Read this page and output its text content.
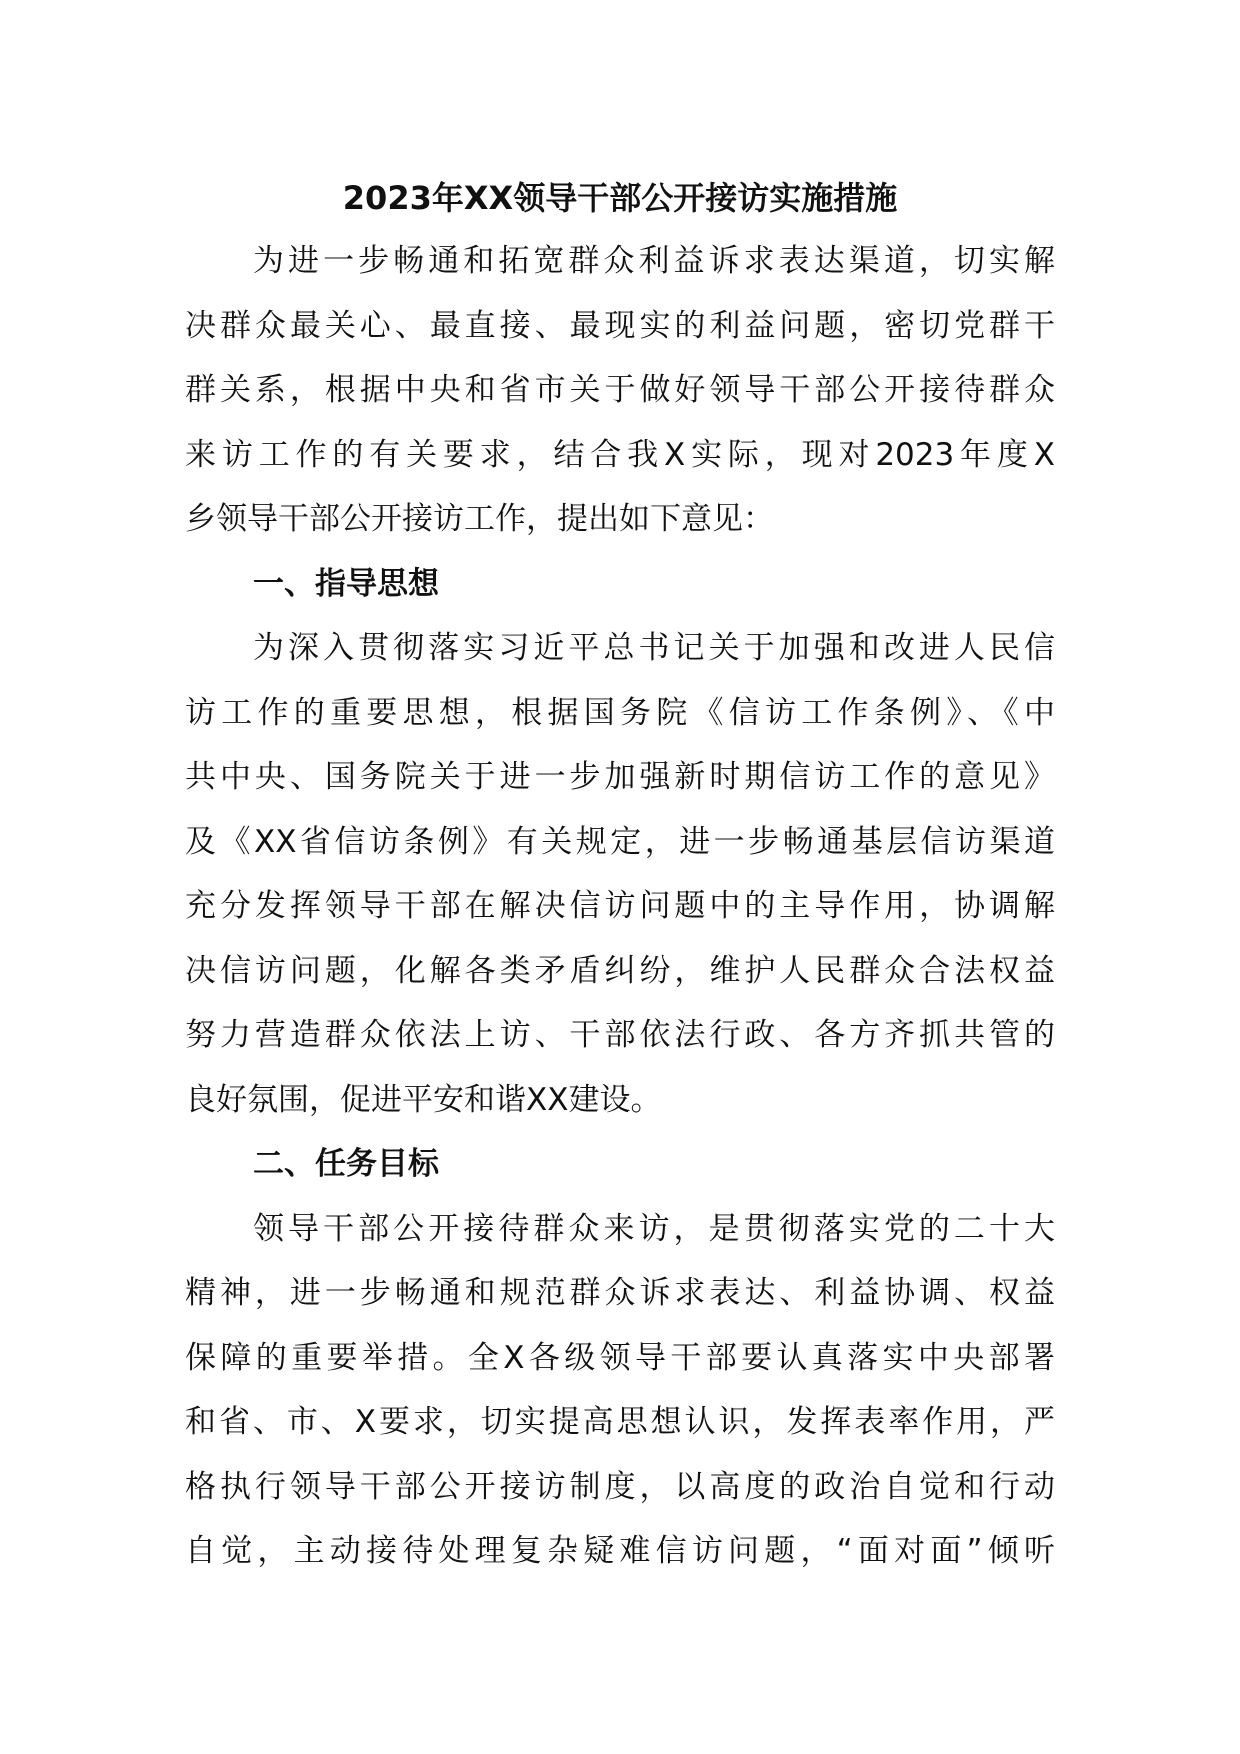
2023年XX领导干部公开接访实施措施
为进一步畅通和拓宽群众利益诉求表达渠道，切实解
决群众最关心、最直接、最现实的利益问题，密切党群干
群关系，根据中央和省市关于做好领导干部公开接待群众
来访工作的有关要求，结合我X实际，现对2023年度X
乡领导干部公开接访工作，提出如下意见：
一、指导思想
为深入贯彻落实习近平总书记关于加强和改进人民信
访工作的重要思想，根据国务院《信访工作条例》、《中
共中央、国务院关于进一步加强新时期信访工作的意见》
及《XX省信访条例》有关规定，进一步畅通基层信访渠道
充分发挥领导干部在解决信访问题中的主导作用，协调解
决信访问题，化解各类矛盾纠纷，维护人民群众合法权益
努力营造群众依法上访、干部依法行政、各方齐抓共管的
良好氛围，促进平安和谐XX建设。
二、任务目标
领导干部公开接待群众来访，是贯彻落实党的二十大
精神，进一步畅通和规范群众诉求表达、利益协调、权益
保障的重要举措。全X各级领导干部要认真落实中央部署
和省、市、X要求，切实提高思想认识，发挥表率作用，严
格执行领导干部公开接访制度，以高度的政治自觉和行动
自觉，主动接待处理复杂疑难信访问题，“面对面”倾听
